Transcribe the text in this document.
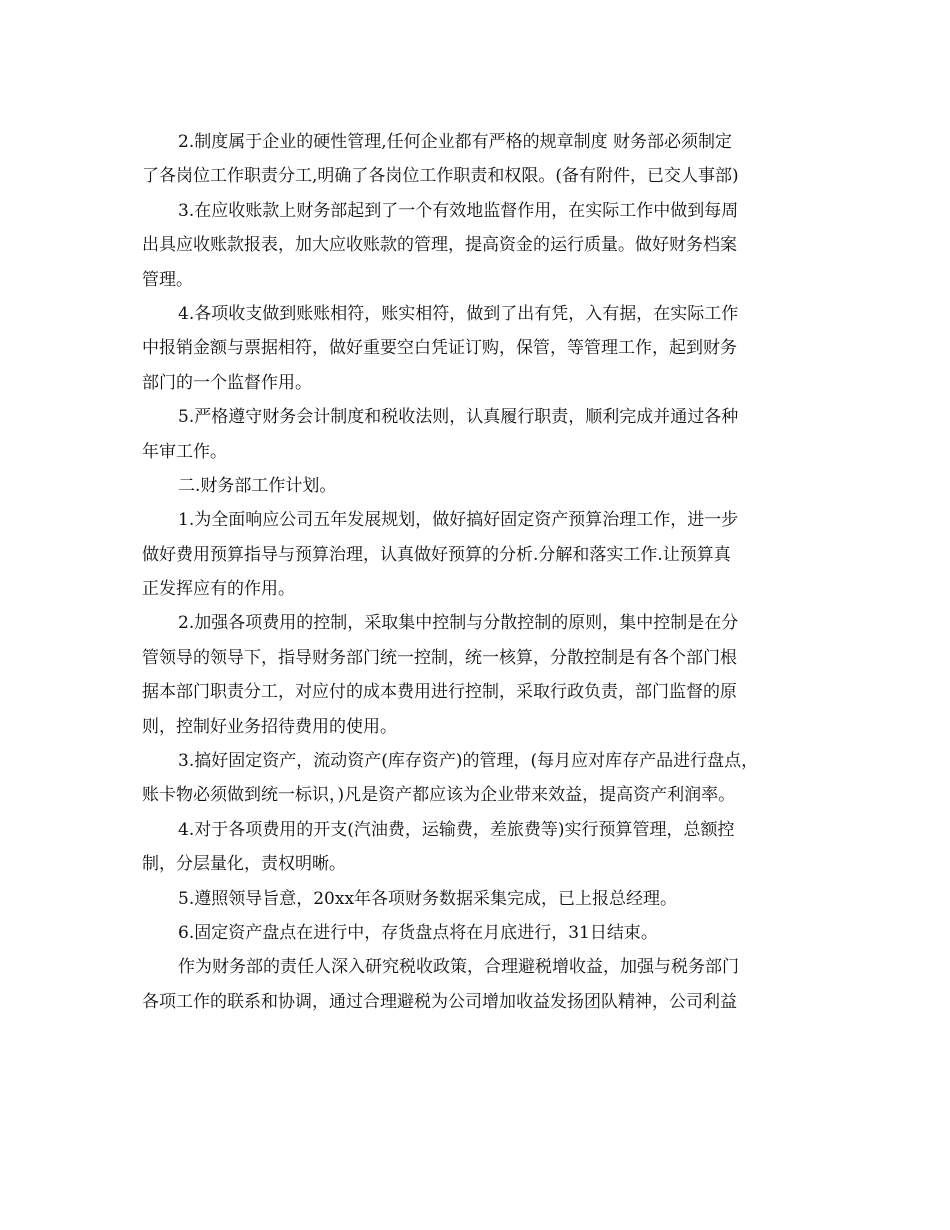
2.制度属于企业的硬性管理,任何企业都有严格的规章制度 财务部必须制定
了各岗位工作职责分工,明确了各岗位工作职责和权限。(备有附件，已交人事部)
3.在应收账款上财务部起到了一个有效地监督作用，在实际工作中做到每周
出具应收账款报表，加大应收账款的管理，提高资金的运行质量。做好财务档案
管理。
4.各项收支做到账账相符，账实相符，做到了出有凭，入有据，在实际工作
中报销金额与票据相符，做好重要空白凭证订购，保管，等管理工作，起到财务
部门的一个监督作用。
5.严格遵守财务会计制度和税收法则，认真履行职责，顺利完成并通过各种
年审工作。
二.财务部工作计划。
1.为全面响应公司五年发展规划，做好搞好固定资产预算治理工作，进一步
做好费用预算指导与预算治理，认真做好预算的分析.分解和落实工作.让预算真
正发挥应有的作用。
2.加强各项费用的控制，采取集中控制与分散控制的原则，集中控制是在分
管领导的领导下，指导财务部门统一控制，统一核算，分散控制是有各个部门根
据本部门职责分工，对应付的成本费用进行控制，采取行政负责，部门监督的原
则，控制好业务招待费用的使用。
3.搞好固定资产，流动资产(库存资产)的管理，(每月应对库存产品进行盘点，
账卡物必须做到统一标识，)凡是资产都应该为企业带来效益，提高资产利润率。
4.对于各项费用的开支(汽油费，运输费，差旅费等)实行预算管理，总额控
制，分层量化，责权明晰。
5.遵照领导旨意，20xx年各项财务数据采集完成，已上报总经理。
6.固定资产盘点在进行中，存货盘点将在月底进行，31日结束。
作为财务部的责任人深入研究税收政策，合理避税增收益，加强与税务部门
各项工作的联系和协调，通过合理避税为公司增加收益发扬团队精神，公司利益
